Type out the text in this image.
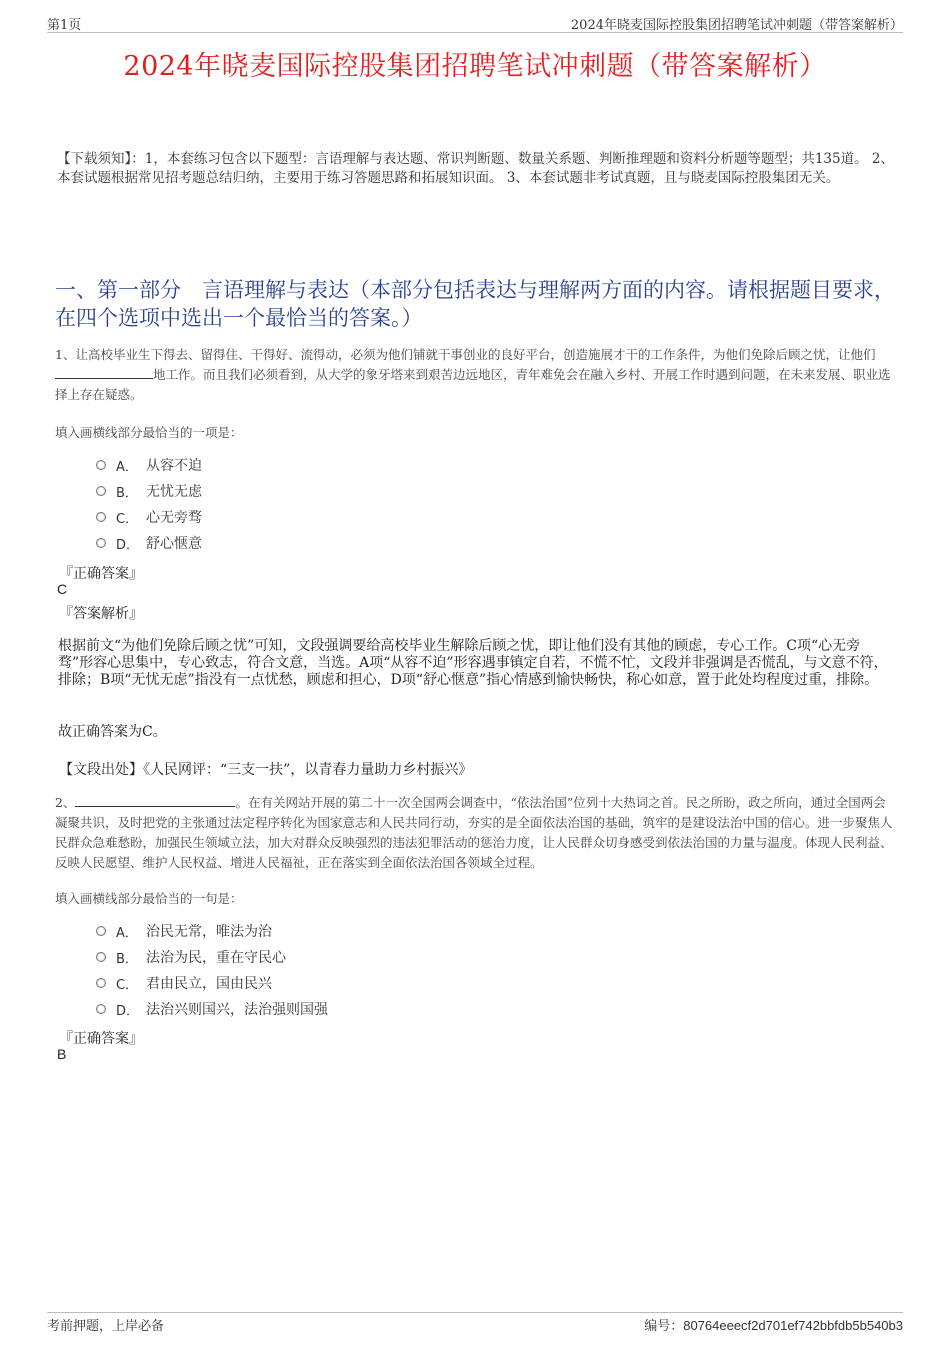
第1页	2024年晓麦国际控股集团招聘笔试冲刺题（带答案解析）
2024年晓麦国际控股集团招聘笔试冲刺题（带答案解析）
【下载须知】：1，本套练习包含以下题型：言语理解与表达题、常识判断题、数量关系题、判断推理题和资料分析题等题型；共135道。 2、本套试题根据常见招考题总结归纳，主要用于练习答题思路和拓展知识面。 3、本套试题非考试真题，且与晓麦国际控股集团无关。
一、第一部分　言语理解与表达（本部分包括表达与理解两方面的内容。请根据题目要求，在四个选项中选出一个最恰当的答案。）
1、让高校毕业生下得去、留得住、干得好、流得动，必须为他们铺就干事创业的良好平台，创造施展才干的工作条件，为他们免除后顾之忧，让他们地工作。而且我们必须看到，从大学的象牙塔来到艰苦边远地区，青年难免会在融入乡村、开展工作时遇到问题，在未来发展、职业选择上存在疑惑。
填入画横线部分最恰当的一项是：
A． 从容不迫
B． 无忧无虑
C． 心无旁骛
D． 舒心惬意
『正确答案』
C
『答案解析』
根据前文“为他们免除后顾之忧”可知，文段强调要给高校毕业生解除后顾之忧，即让他们没有其他的顾虑，专心工作。C项“心无旁骛”形容心思集中，专心致志，符合文意，当选。A项“从容不迫”形容遇事镇定自若，不慌不忙，文段并非强调是否慌乱，与文意不符，排除；B项“无忧无虑”指没有一点忧愁，顾虑和担心，D项“舒心惬意”指心情感到愉快畅快，称心如意，置于此处均程度过重，排除。
故正确答案为C。
【文段出处】《人民网评：“三支一扶”，以青春力量助力乡村振兴》
2、	。在有关网站开展的第二十一次全国两会调查中，“依法治国”位列十大热词之首。民之所盼，政之所向，通过全国两会凝聚共识，及时把党的主张通过法定程序转化为国家意志和人民共同行动，夯实的是全面依法治国的基础，筑牢的是建设法治中国的信心。进一步聚焦人民群众急难愁盼，加强民生领域立法，加大对群众反映强烈的违法犯罪活动的惩治力度，让人民群众切身感受到依法治国的力量与温度。体现人民利益、反映人民愿望、维护人民权益、增进人民福祉，正在落实到全面依法治国各领域全过程。
填入画横线部分最恰当的一句是：
A． 治民无常，唯法为治
B． 法治为民，重在守民心
C． 君由民立，国由民兴
D． 法治兴则国兴，法治强则国强
『正确答案』
B
考前押题，上岸必备	编号：80764eeecf2d701ef742bbfdb5b540b3
